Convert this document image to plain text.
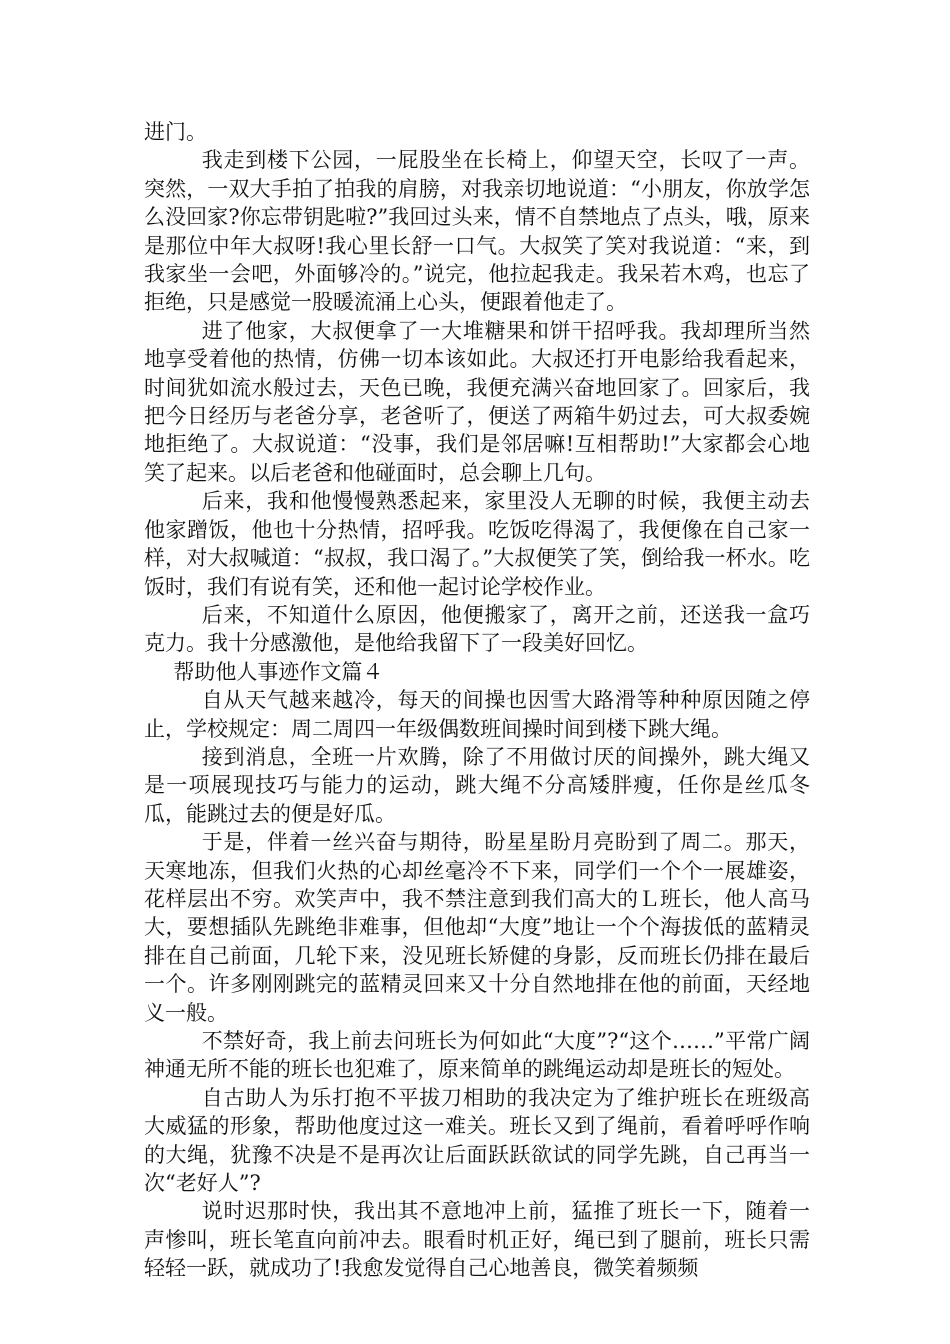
进门。

我走到楼下公园，一屁股坐在长椅上，仰望天空，长叹了一声。突然，一双大手拍了拍我的肩膀，对我亲切地说道：“小朋友，你放学怎么没回家?你忘带钥匙啦?”我回过头来，情不自禁地点了点头，哦，原来是那位中年大叔呀!我心里长舒一口气。大叔笑了笑对我说道：“来，到我家坐一会吧，外面够冷的。”说完，他拉起我走。我呆若木鸡，也忘了拒绝，只是感觉一股暖流涌上心头，便跟着他走了。

进了他家，大叔便拿了一大堆糖果和饼干招呼我。我却理所当然地享受着他的热情，仿佛一切本该如此。大叔还打开电影给我看起来，时间犹如流水般过去，天色已晚，我便充满兴奋地回家了。回家后，我把今日经历与老爸分享，老爸听了，便送了两箱牛奶过去，可大叔委婉地拒绝了。大叔说道：“没事，我们是邻居嘛!互相帮助!”大家都会心地笑了起来。以后老爸和他碰面时，总会聊上几句。

后来，我和他慢慢熟悉起来，家里没人无聊的时候，我便主动去他家蹭饭，他也十分热情，招呼我。吃饭吃得渴了，我便像在自己家一样，对大叔喊道：“叔叔，我口渴了。”大叔便笑了笑，倒给我一杯水。吃饭时，我们有说有笑，还和他一起讨论学校作业。

后来，不知道什么原因，他便搬家了，离开之前，还送我一盒巧克力。我十分感激他，是他给我留下了一段美好回忆。

帮助他人事迹作文篇４

自从天气越来越冷，每天的间操也因雪大路滑等种种原因随之停止，学校规定：周二周四一年级偶数班间操时间到楼下跳大绳。

接到消息，全班一片欢腾，除了不用做讨厌的间操外，跳大绳又是一项展现技巧与能力的运动，跳大绳不分高矮胖瘦，任你是丝瓜冬瓜，能跳过去的便是好瓜。

于是，伴着一丝兴奋与期待，盼星星盼月亮盼到了周二。那天，天寒地冻，但我们火热的心却丝毫冷不下来，同学们一个个一展雄姿，花样层出不穷。欢笑声中，我不禁注意到我们高大的Ｌ班长，他人高马大，要想插队先跳绝非难事，但他却“大度”地让一个个海拔低的蓝精灵排在自己前面，几轮下来，没见班长矫健的身影，反而班长仍排在最后一个。许多刚刚跳完的蓝精灵回来又十分自然地排在他的前面，天经地义一般。

不禁好奇，我上前去问班长为何如此“大度”?“这个……”平常广阔神通无所不能的班长也犯难了，原来简单的跳绳运动却是班长的短处。

自古助人为乐打抱不平拔刀相助的我决定为了维护班长在班级高大威猛的形象，帮助他度过这一难关。班长又到了绳前，看着呼呼作响的大绳，犹豫不决是不是再次让后面跃跃欲试的同学先跳，自己再当一次“老好人”?

说时迟那时快，我出其不意地冲上前，猛推了班长一下，随着一声惨叫，班长笔直向前冲去。眼看时机正好，绳已到了腿前，班长只需轻轻一跃，就成功了!我愈发觉得自己心地善良，微笑着频频
